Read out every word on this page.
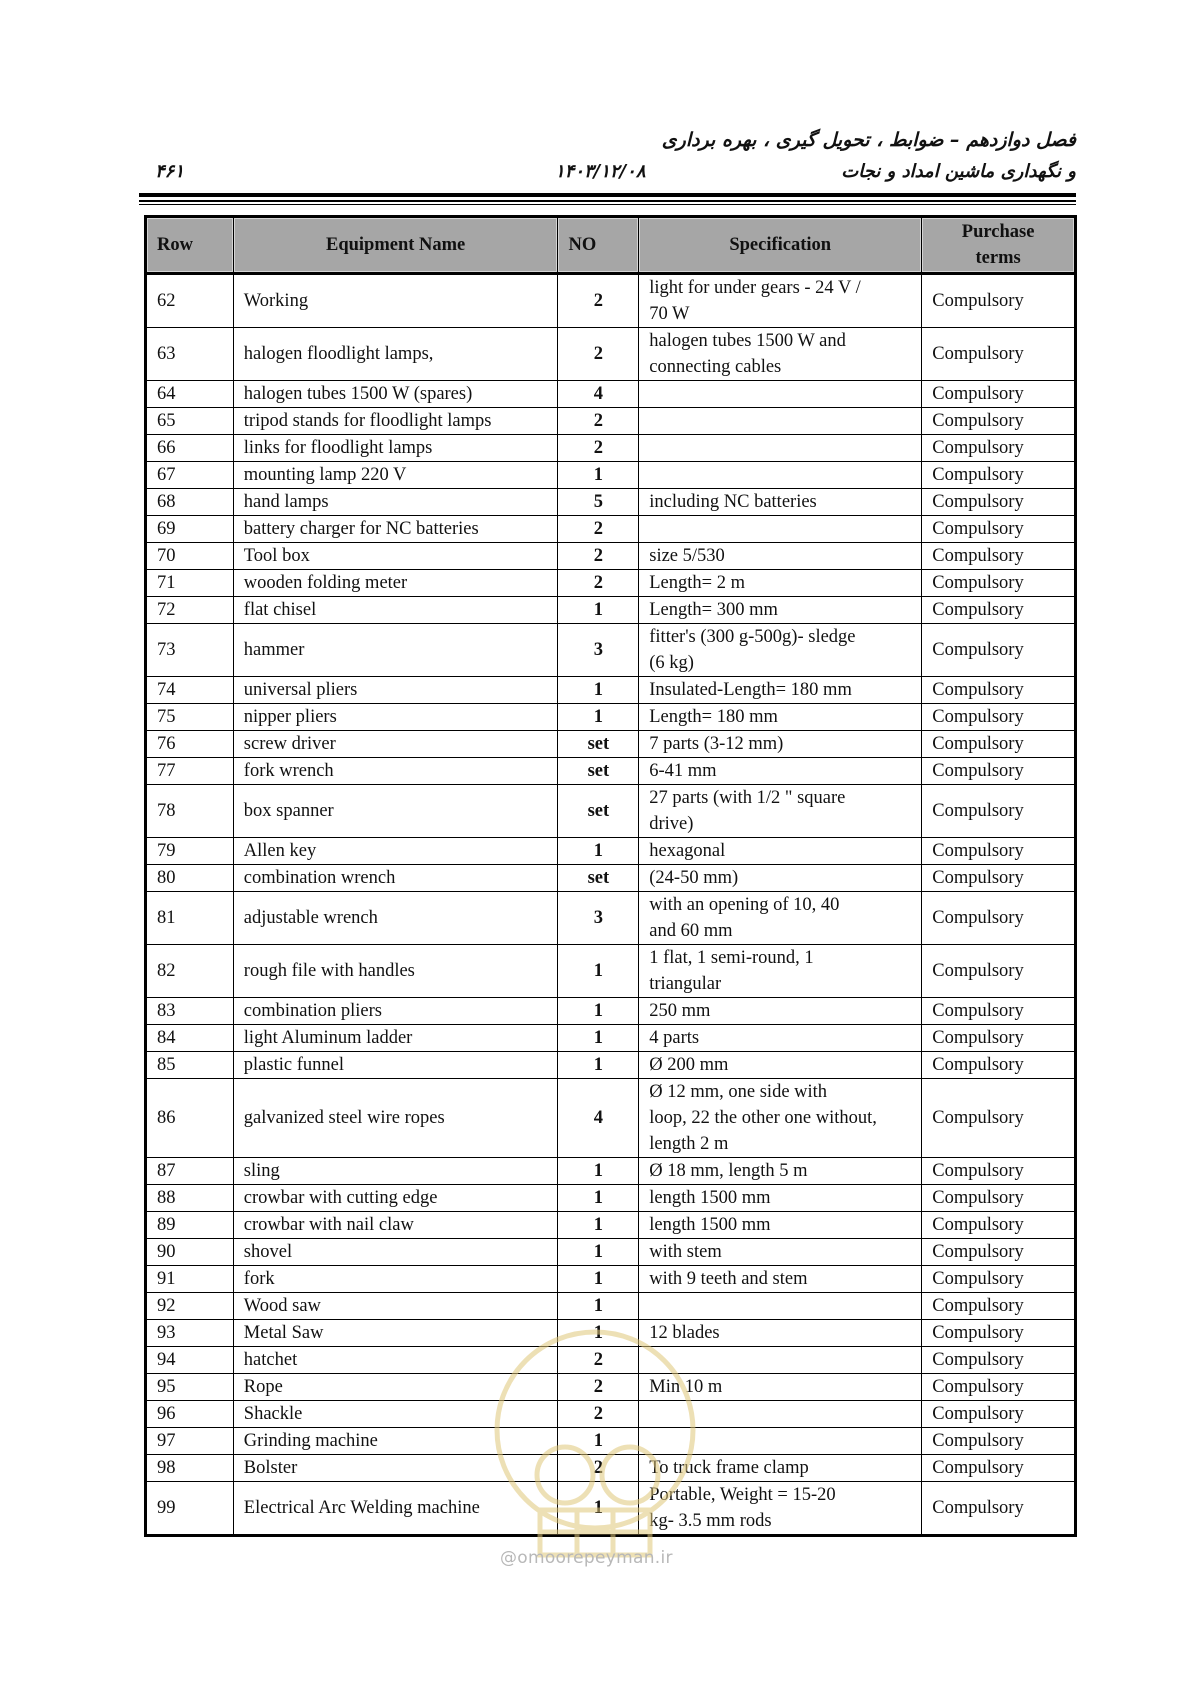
فصل دوازدهم – ضوابط ، تحویل گیری ، بهره برداری
۴۶۱	۱۴۰۳/۱۲/۰۸	و نگهداری ماشین امداد و نجات
Row	Equipment Name	NO	Specification	Purchase
terms

62	Working	2	light for under gears - 24 V /
70 W	Compulsory
63	halogen floodlight lamps,	2	halogen tubes 1500 W and
connecting cables	Compulsory
64	halogen tubes 1500 W (spares)	4		Compulsory
65	tripod stands for floodlight lamps	2		Compulsory
66	links for floodlight lamps	2		Compulsory
67	mounting lamp 220 V	1		Compulsory
68	hand lamps	5	including NC batteries	Compulsory
69	battery charger for NC batteries	2		Compulsory
70	Tool box	2	size 5/530	Compulsory
71	wooden folding meter	2	Length= 2 m	Compulsory
72	flat chisel	1	Length= 300 mm	Compulsory
73	hammer	3	fitter's (300 g-500g)- sledge
(6 kg)	Compulsory
74	universal pliers	1	Insulated-Length= 180 mm	Compulsory
75	nipper pliers	1	Length= 180 mm	Compulsory
76	screw driver	set	7 parts (3-12 mm)	Compulsory
77	fork wrench	set	6-41 mm	Compulsory
78	box spanner	set	27 parts (with 1/2 " square
drive)	Compulsory
79	Allen key	1	hexagonal	Compulsory
80	combination wrench	set	(24-50 mm)	Compulsory
81	adjustable wrench	3	with an opening of 10, 40
and 60 mm	Compulsory
82	rough file with handles	1	1 flat, 1 semi-round, 1
triangular	Compulsory
83	combination pliers	1	250 mm	Compulsory
84	light Aluminum ladder	1	4 parts	Compulsory
85	plastic funnel	1	Ø 200 mm	Compulsory
86	galvanized steel wire ropes	4	Ø 12 mm, one side with
loop, 22 the other one without,
length 2 m	Compulsory
87	sling	1	Ø 18 mm, length 5 m	Compulsory
88	crowbar with cutting edge	1	length 1500 mm	Compulsory
89	crowbar with nail claw	1	length 1500 mm	Compulsory
90	shovel	1	with stem	Compulsory
91	fork	1	with 9 teeth and stem	Compulsory
92	Wood saw	1		Compulsory
93	Metal Saw	1	12 blades	Compulsory
94	hatchet	2		Compulsory
95	Rope	2	Min 10 m	Compulsory
96	Shackle	2		Compulsory
97	Grinding machine	1		Compulsory
98	Bolster	2	To truck frame clamp	Compulsory
99	Electrical Arc Welding machine	1	Portable, Weight = 15-20
kg- 3.5 mm rods	Compulsory
@omoorepeyman.ir
